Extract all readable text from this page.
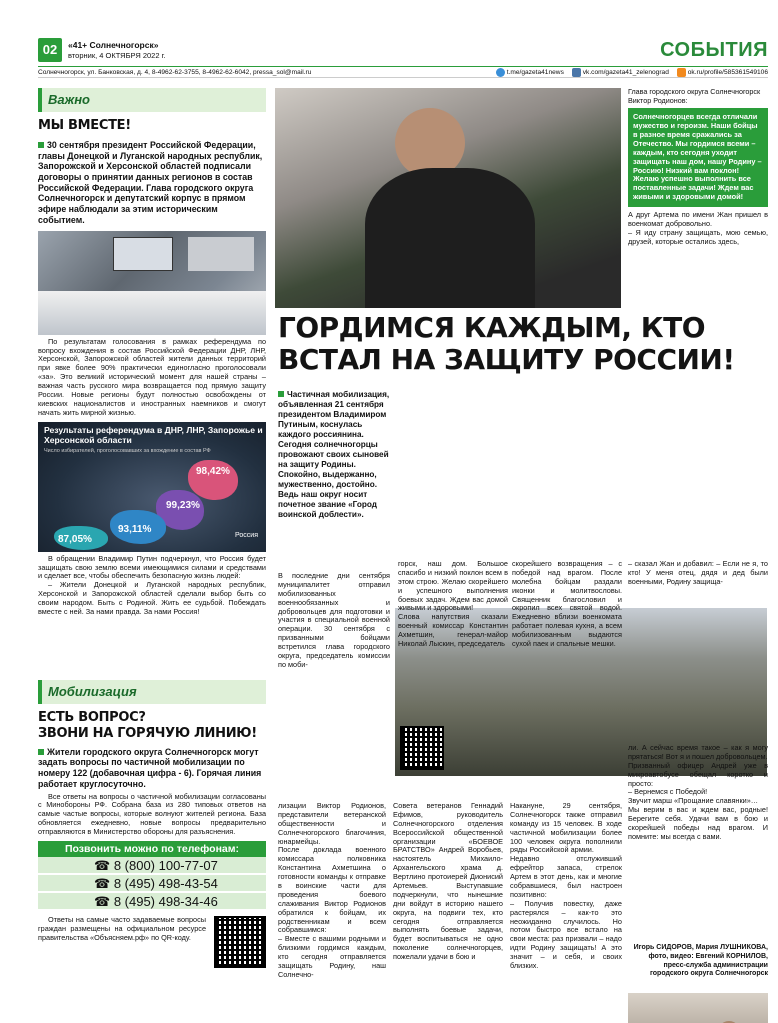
02	«41+ Солнечногорск»
вторник, 4 ОКТЯБРЯ 2022 г.	СОБЫТИЯ
Солнечногорск, ул. Банковская, д. 4, 8-4962-62-3755, 8-4962-62-6042, pressa_sol@mail.ru	t.me/gazeta41news	vk.com/gazeta41_zelenograd	ok.ru/profile/585361549106
Важно
МЫ ВМЕСТЕ!
30 сентября президент Российской Федерации, главы Донецкой и Луганской народных республик, Запорожской и Херсонской областей подписали договоры о принятии данных регионов в состав Российской Федерации. Глава городского округа Солнечногорск и депутатский корпус в прямом эфире наблюдали за этим историческим событием.
По результатам голосования в рамках референдума по вопросу вхождения в состав Российской Федерации ДНР, ЛНР, Херсонской, Запорожской областей жители данных территорий при явке более 90% практически единогласно проголосовали «за». Это великий исторический момент для нашей страны – важная часть русского мира возвращается под прямую защиту России. Новые регионы будут полностью освобождены от киевских националистов и иностранных наемников и смогут начать жить мирной жизнью.
Результаты референдума в ДНР, ЛНР, Запорожье и Херсонской области
Число избирателей, проголосовавших за вхождение в состав РФ
98,42%
99,23%
93,11%
87,05%	Россия
В обращении Владимир Путин подчеркнул, что Россия будет защищать свою землю всеми имеющимися силами и средствами и сделает все, чтобы обеспечить безопасную жизнь людей:
– Жители Донецкой и Луганской народных республик, Херсонской и Запорожской областей сделали выбор быть со своим народом. Быть с Родиной. Жить ее судьбой. Побеждать вместе с ней. За нами правда. За нами Россия!
Мобилизация
ЕСТЬ ВОПРОС?
ЗВОНИ НА ГОРЯЧУЮ ЛИНИЮ!
Жители городского округа Солнечногорск могут задать вопросы по частичной мобилизации по номеру 122 (добавочная цифра - 6). Горячая линия работает круглосуточно.
Все ответы на вопросы о частичной мобилизации согласованы с Минобороны РФ. Собрана база из 280 типовых ответов на самые частые вопросы, которые волнуют жителей региона. База обновляется ежедневно, новые вопросы предварительно отправляются в Министерство обороны для разъяснения.
Позвонить можно по телефонам:
☎ 8 (800) 100-77-07
☎ 8 (495) 498-43-54
☎ 8 (495) 498-34-46
Ответы на самые часто задаваемые вопросы граждан размещены на официальном ресурсе правительства «Объясняем.рф» по QR-коду.
Глава городского округа Солнечногорск Виктор Родионов:
Солнечногорцев всегда отличали мужество и героизм. Наши бойцы в разное время сражались за Отечество. Мы гордимся всеми – каждым, кто сегодня уходит защищать наш дом, нашу Родину – Россию! Низкий вам поклон! Желаю успешно выполнить все поставленные задачи! Ждем вас живыми и здоровыми домой!
А друг Артема по имени Жан пришел в военкомат добровольно.
– Я иду страну защищать, мою семью, друзей, которые остались здесь,
ГОРДИМСЯ КАЖДЫМ, КТО ВСТАЛ НА ЗАЩИТУ РОССИИ!
Частичная мобилизация, объявленная 21 сентября президентом Владимиром Путиным, коснулась каждого россиянина. Сегодня солнечногорцы провожают своих сыновей на защиту Родины. Спокойно, выдержанно, мужественно, достойно. Ведь наш округ носит почетное звание «Город воинской доблести».
В последние дни сентября муниципалитет отправил мобилизованных военнообязанных и добровольцев для подготовки и участия в специальной военной операции. 30 сентября с призванными бойцами встретился глава городского округа, председатель комиссии по моби-
горск, наш дом. Большое спасибо и низкий поклон всем в этом строю. Желаю скорейшего и успешного выполнения боевых задач. Ждем вас домой живыми и здоровыми!
Слова напутствия сказали военный комиссар Константин Ахметшин, генерал-майор Николай Лыскин, председатель
скорейшего возвращения – с победой над врагом. После молебна бойцам раздали иконки и молитвословы. Священник благословил и окропил всех святой водой. Ежедневно вблизи военкомата работает полевая кухня, а всем мобилизованным выдаются сухой паек и спальные мешки.
– сказал Жан и добавил: – Если не я, то кто! У меня отец, дядя и дед были военными, Родину защища-
лизации Виктор Родионов, представители ветеранской общественности и Солнечногорского благочиния, юнармейцы.
После доклада военного комиссара полковника Константина Ахметшина о готовности команды к отправке в воинские части для проведения боевого слаживания Виктор Родионов обратился к бойцам, их родственникам и всем собравшимся:
– Вместе с вашими родными и близкими гордимся каждым, кто сегодня отправляется защищать Родину, наш Солнечно-
Совета ветеранов Геннадий Ефимов, руководитель Солнечногорского отделения Всероссийской общественной организации «БОЕВОЕ БРАТСТВО» Андрей Воробьев, настоятель Михаило-Архангельского храма д. Вертлино протоиерей Дионисий Артемьев. Выступавшие подчеркнули, что нынешние дни войдут в историю нашего округа, на подвиги тех, кто сегодня отправляется выполнять боевые задачи, будет воспитываться не одно поколение солнечногорцев, пожелали удачи в бою и
Накануне, 29 сентября, Солнечногорск также отправил команду из 15 человек. В ходе частичной мобилизации более 100 человек округа пополнили ряды Российской армии.
Недавно отслуживший ефрейтор запаса, стрелок Артем в этот день, как и многие собравшиеся, был настроен позитивно:
– Получив повестку, даже растерялся – как-то это неожиданно случилось. Но потом быстро все встало на свои места: раз призвали – надо идти Родину защищать! А это значит – и себя, и своих близких.
ли. А сейчас время такое – как я могу прятаться! Вот я и пошел добровольцем.
Призванный офицер Андрей уже в микроавтобусе обещал коротко и просто:
– Вернемся с Победой!
Звучит марш «Прощание славянки»…
Мы верим в вас и ждем вас, родные! Берегите себя. Удачи вам в бою и скорейшей победы над врагом. И помните: мы всегда с вами.
Игорь СИДОРОВ, Мария ЛУШНИКОВА, фото, видео: Евгений КОРНИЛОВ, пресс-служба администрации городского округа Солнечногорск
